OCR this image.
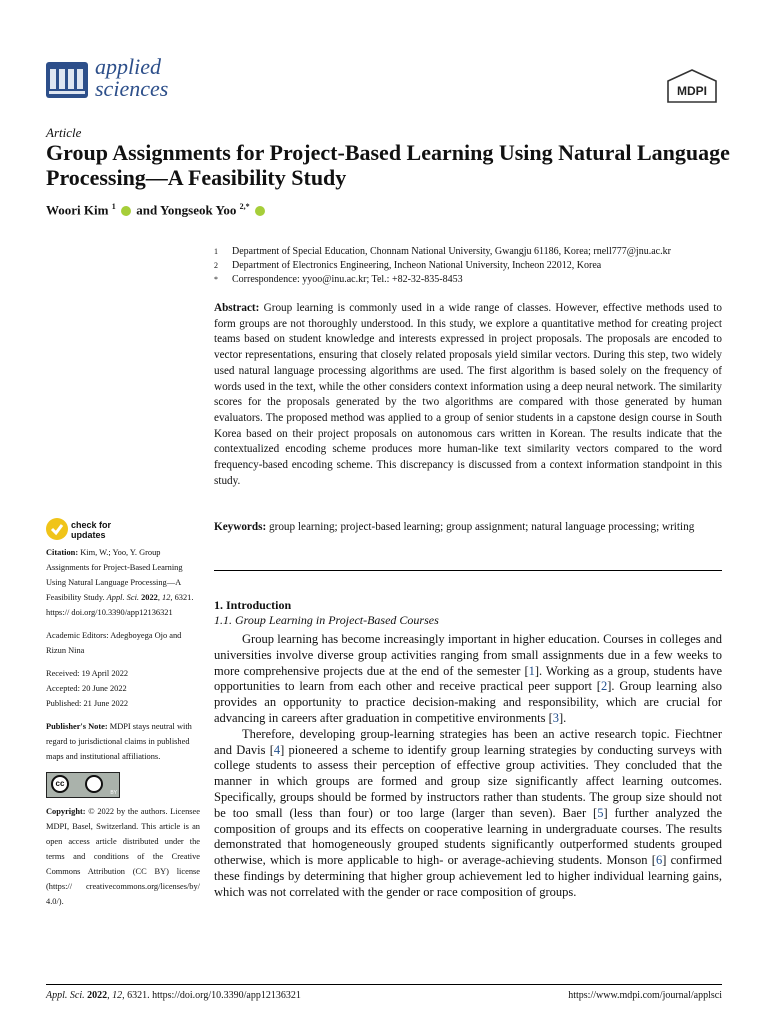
applied
sciences	MDPI
Article
Group Assignments for Project-Based Learning Using Natural Language Processing—A Feasibility Study
Woori Kim $^1$ and Yongseok Yoo $^{2,*}$
1	Department of Special Education, Chonnam National University, Gwangju 61186, Korea; rnell777@jnu.ac.kr
2	Department of Electronics Engineering, Incheon National University, Incheon 22012, Korea
*	Correspondence: yyoo@inu.ac.kr; Tel.: +82-32-835-8453
Abstract: Group learning is commonly used in a wide range of classes. However, effective methods used to form groups are not thoroughly understood. In this study, we explore a quantitative method for creating project teams based on student knowledge and interests expressed in project proposals. The proposals are encoded to vector representations, ensuring that closely related proposals yield similar vectors. During this step, two widely used natural language processing algorithms are used. The first algorithm is based solely on the frequency of words used in the text, while the other considers context information using a deep neural network. The similarity scores for the proposals generated by the two algorithms are compared with those generated by human evaluators. The proposed method was applied to a group of senior students in a capstone design course in South Korea based on their project proposals on autonomous cars written in Korean. The results indicate that the contextualized encoding scheme produces more human-like text similarity vectors compared to the word frequency-based encoding scheme. This discrepancy is discussed from a context information standpoint in this study.
Keywords: group learning; project-based learning; group assignment; natural language processing; writing
check for
updates

Citation: Kim, W.; Yoo, Y. Group Assignments for Project-Based Learning Using Natural Language Processing—A Feasibility Study. Appl. Sci. 2022, 12, 6321. https:// doi.org/10.3390/app12136321

Academic Editors: Adegboyega Ojo and Rizun Nina

Received: 19 April 2022
Accepted: 20 June 2022
Published: 21 June 2022

Publisher's Note: MDPI stays neutral with regard to jurisdictional claims in published maps and institutional affiliations.

cc
BY

Copyright: © 2022 by the authors. Licensee MDPI, Basel, Switzerland. This article is an open access article distributed under the terms and conditions of the Creative Commons Attribution (CC BY) license (https:// creativecommons.org/licenses/by/ 4.0/).

1. Introduction
1.1. Group Learning in Project-Based Courses

Group learning has become increasingly important in higher education. Courses in colleges and universities involve diverse group activities ranging from small assignments due in a few weeks to more comprehensive projects due at the end of the semester [1]. Working as a group, students have opportunities to learn from each other and receive practical peer support [2]. Group learning also provides an opportunity to practice decision-making and responsibility, which are crucial for advancing in careers after graduation in competitive environments [3].

Therefore, developing group-learning strategies has been an active research topic. Fiechtner and Davis [4] pioneered a scheme to identify group learning strategies by conducting surveys with college students to assess their perception of effective group activities. They concluded that the manner in which groups are formed and group size significantly affect learning outcomes. Specifically, groups should be formed by instructors rather than students. The group size should not be too small (less than four) or too large (larger than seven). Baer [5] further analyzed the composition of groups and its effects on cooperative learning in undergraduate courses. The results demonstrated that homogeneously grouped students significantly outperformed students grouped otherwise, which is more applicable to high- or average-achieving students. Monson [6] confirmed these findings by determining that higher group achievement led to higher individual learning gains, which was not correlated with the gender or race composition of groups.

Appl. Sci. 2022, 12, 6321. https://doi.org/10.3390/app12136321	https://www.mdpi.com/journal/applsci
